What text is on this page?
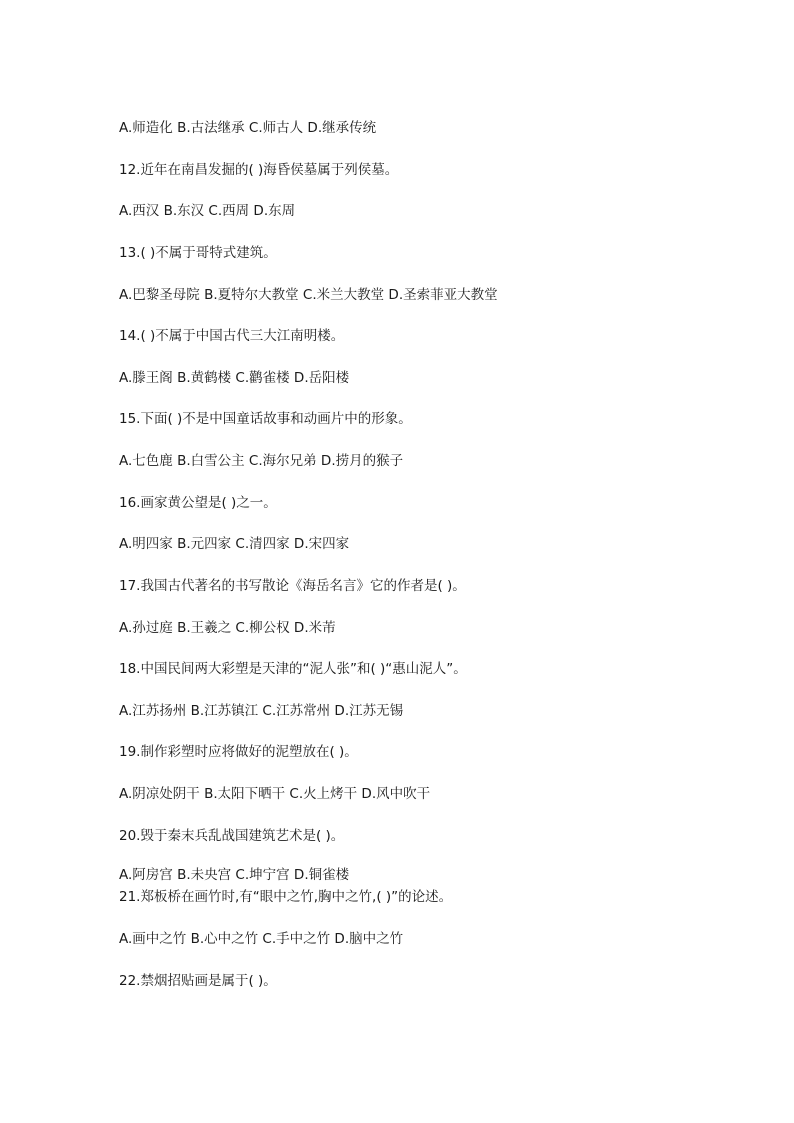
A.师造化 B.古法继承 C.师古人 D.继承传统

12.近年在南昌发掘的( )海昏侯墓属于列侯墓。

A.西汉 B.东汉 C.西周 D.东周

13.( )不属于哥特式建筑。

A.巴黎圣母院 B.夏特尔大教堂 C.米兰大教堂 D.圣索菲亚大教堂

14.( )不属于中国古代三大江南明楼。

A.滕王阁 B.黄鹤楼 C.鹳雀楼 D.岳阳楼

15.下面( )不是中国童话故事和动画片中的形象。

A.七色鹿 B.白雪公主 C.海尔兄弟 D.捞月的猴子

16.画家黄公望是( )之一。

A.明四家 B.元四家 C.清四家 D.宋四家

17.我国古代著名的书写散论《海岳名言》它的作者是( )。

A.孙过庭 B.王羲之 C.柳公权 D.米芾

18.中国民间两大彩塑是天津的“泥人张”和( )“惠山泥人”。

A.江苏扬州 B.江苏镇江 C.江苏常州 D.江苏无锡

19.制作彩塑时应将做好的泥塑放在( )。

A.阴凉处阴干 B.太阳下晒干 C.火上烤干 D.风中吹干

20.毁于秦末兵乱战国建筑艺术是( )。

A.阿房宫 B.未央宫 C.坤宁宫 D.铜雀楼

21.郑板桥在画竹时,有“眼中之竹,胸中之竹,( )”的论述。

A.画中之竹 B.心中之竹 C.手中之竹 D.脑中之竹

22.禁烟招贴画是属于( )。
